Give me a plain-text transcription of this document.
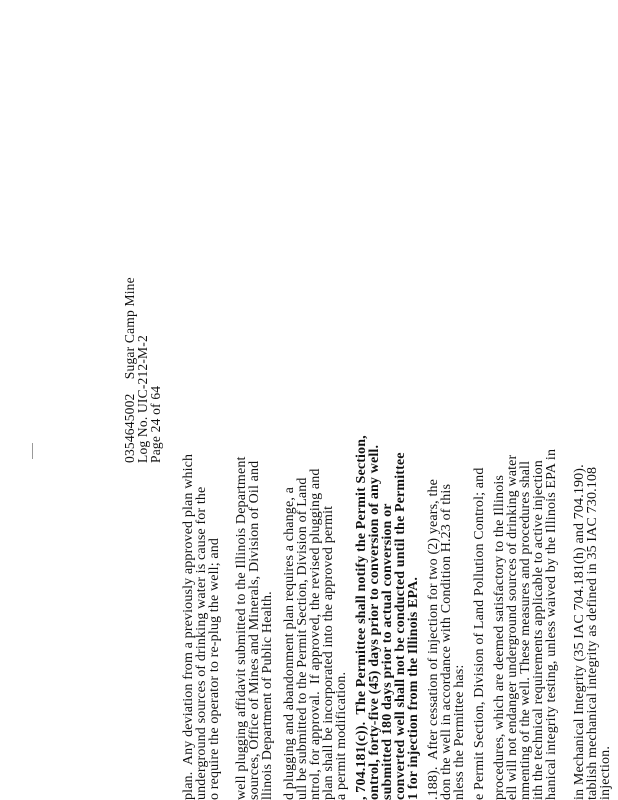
0354645002    Sugar Camp Mine
Log No. UIC-212-M-2
Page 24 of 64
plan.  Any deviation from a previously approved plan which
underground sources of drinking water is cause for the
o require the operator to re-plug the well; and well plugging affidavit submitted to the Illinois Department
sources, Office of Mines and Minerals, Division of Oil and
llinois Department of Public Health. d plugging and abandonment plan requires a change, a
ull be submitted to the Permit Section, Division of Land
ntrol, for approval.  If approved, the revised plugging and
plan shall be incorporated into the approved permit
a permit modification. , 704.181(c)).  The Permittee shall notify the Permit Section,
ontrol, forty-five (45) days prior to conversion of any well.
submitted 180 days prior to actual conversion or
converted well shall not be conducted until the Permittee
1 for injection from the Illinois EPA. .188).  After cessation of injection for two (2) years, the
don the well in accordance with Condition H.23 of this
nless the Permittee has: e Permit Section, Division of Land Pollution Control; and procedures, which are deemed satisfactory to the Illinois
ell will not endanger underground sources of drinking water
nmenting of the well. These measures and procedures shall
ith the technical requirements applicable to active injection
hanical integrity testing, unless waived by the Illinois EPA in in Mechanical Integrity (35 IAC 704.181(h) and 704.190).
tablish mechanical integrity as defined in 35 IAC 730.108
injection.
